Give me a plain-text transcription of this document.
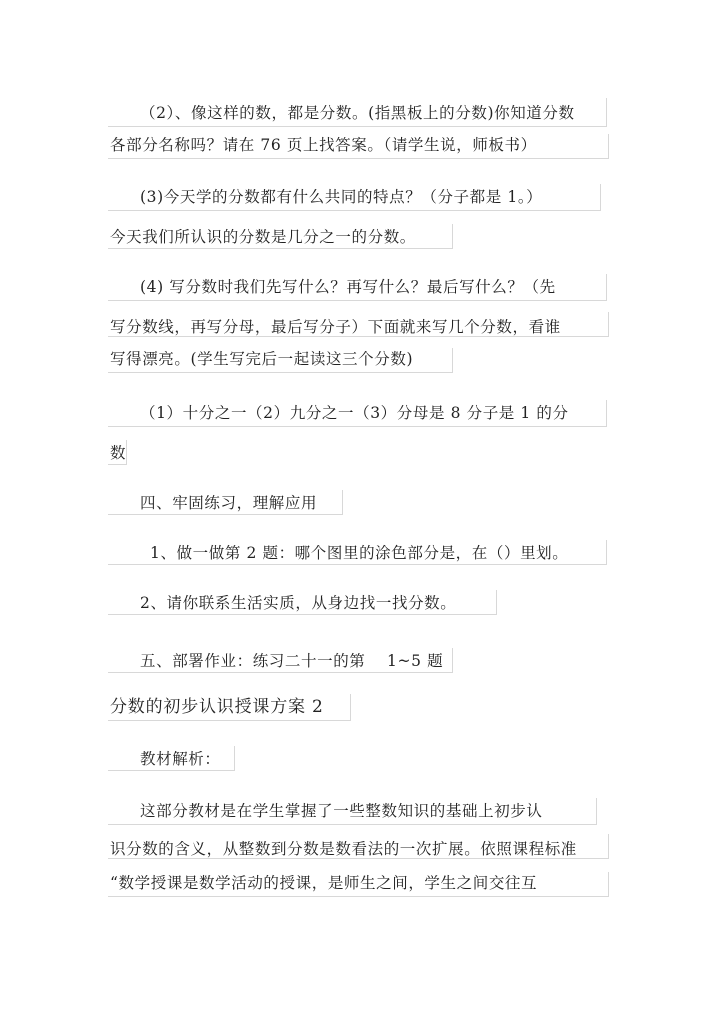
（2）、像这样的数，都是分数。(指黑板上的分数)你知道分数
各部分名称吗？请在 76 页上找答案。（请学生说，师板书）
(3)今天学的分数都有什么共同的特点？（分子都是 1。）
今天我们所认识的分数是几分之一的分数。
(4) 写分数时我们先写什么？再写什么？最后写什么？（先
写分数线，再写分母，最后写分子）下面就来写几个分数，看谁
写得漂亮。(学生写完后一起读这三个分数)
（1）十分之一（2）九分之一（3）分母是 8 分子是 1 的分
数
四、牢固练习，理解应用
1、做一做第 2 题：哪个图里的涂色部分是，在（）里划。
2、请你联系生活实质，从身边找一找分数。
五、部署作业：练习二十一的第　 1~5 题
分数的初步认识授课方案 2
教材解析：
这部分教材是在学生掌握了一些整数知识的基础上初步认
识分数的含义，从整数到分数是数看法的一次扩展。依照课程标准
“数学授课是数学活动的授课，是师生之间，学生之间交往互
